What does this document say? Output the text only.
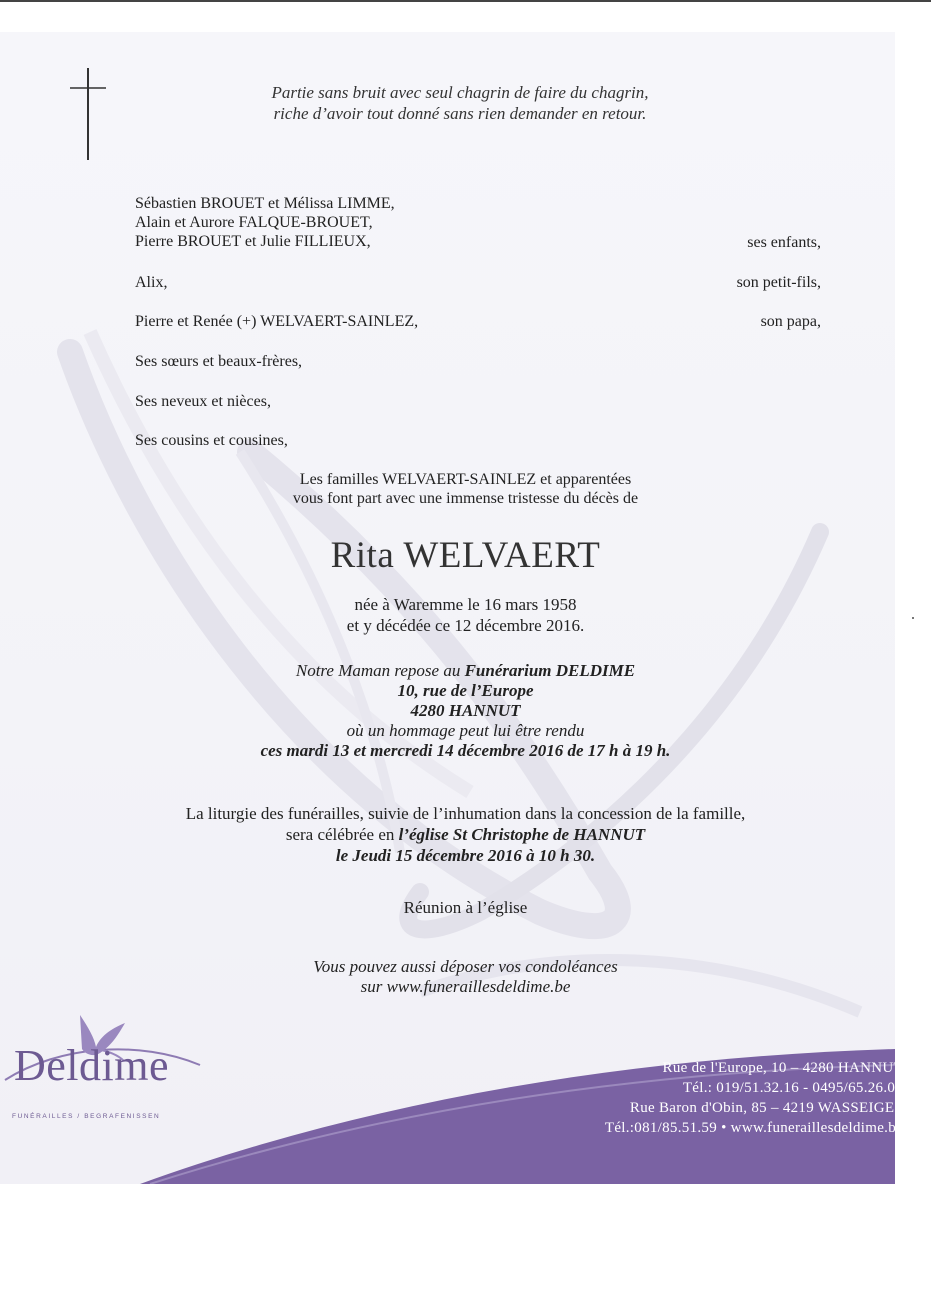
Partie sans bruit avec seul chagrin de faire du chagrin,
riche d’avoir tout donné sans rien demander en retour.
Sébastien BROUET et Mélissa LIMME,
Alain et Aurore FALQUE-BROUET,
Pierre BROUET et Julie FILLIEUX,	ses enfants,
Alix,	son petit-fils,
Pierre et Renée (+) WELVAERT-SAINLEZ,	son papa,
Ses sœurs et beaux-frères,
Ses neveux et nièces,
Ses cousins et cousines,
Les familles WELVAERT-SAINLEZ et apparentées
vous font part avec une immense tristesse du décès de
Rita WELVAERT
née à Waremme le 16 mars 1958
et y décédée ce 12 décembre 2016.
Notre Maman repose au Funérarium DELDIME
10, rue de l’Europe
4280 HANNUT
où un hommage peut lui être rendu
ces mardi 13 et mercredi 14 décembre 2016 de 17 h à 19 h.
La liturgie des funérailles, suivie de l’inhumation dans la concession de la famille,
sera célébrée en l’église St Christophe de HANNUT
le Jeudi 15 décembre 2016 à 10 h 30.
Réunion à l’église
Vous pouvez aussi déposer vos condoléances
sur www.funeraillesdeldime.be
Deldime
FUNÉRAILLES / BEGRAFENISSEN
Rue de l'Europe, 10 – 4280 HANNUT
Tél.: 019/51.32.16 - 0495/65.26.03
Rue Baron d'Obin, 85 – 4219 WASSEIGES
Tél.:081/85.51.59 • www.funeraillesdeldime.be
